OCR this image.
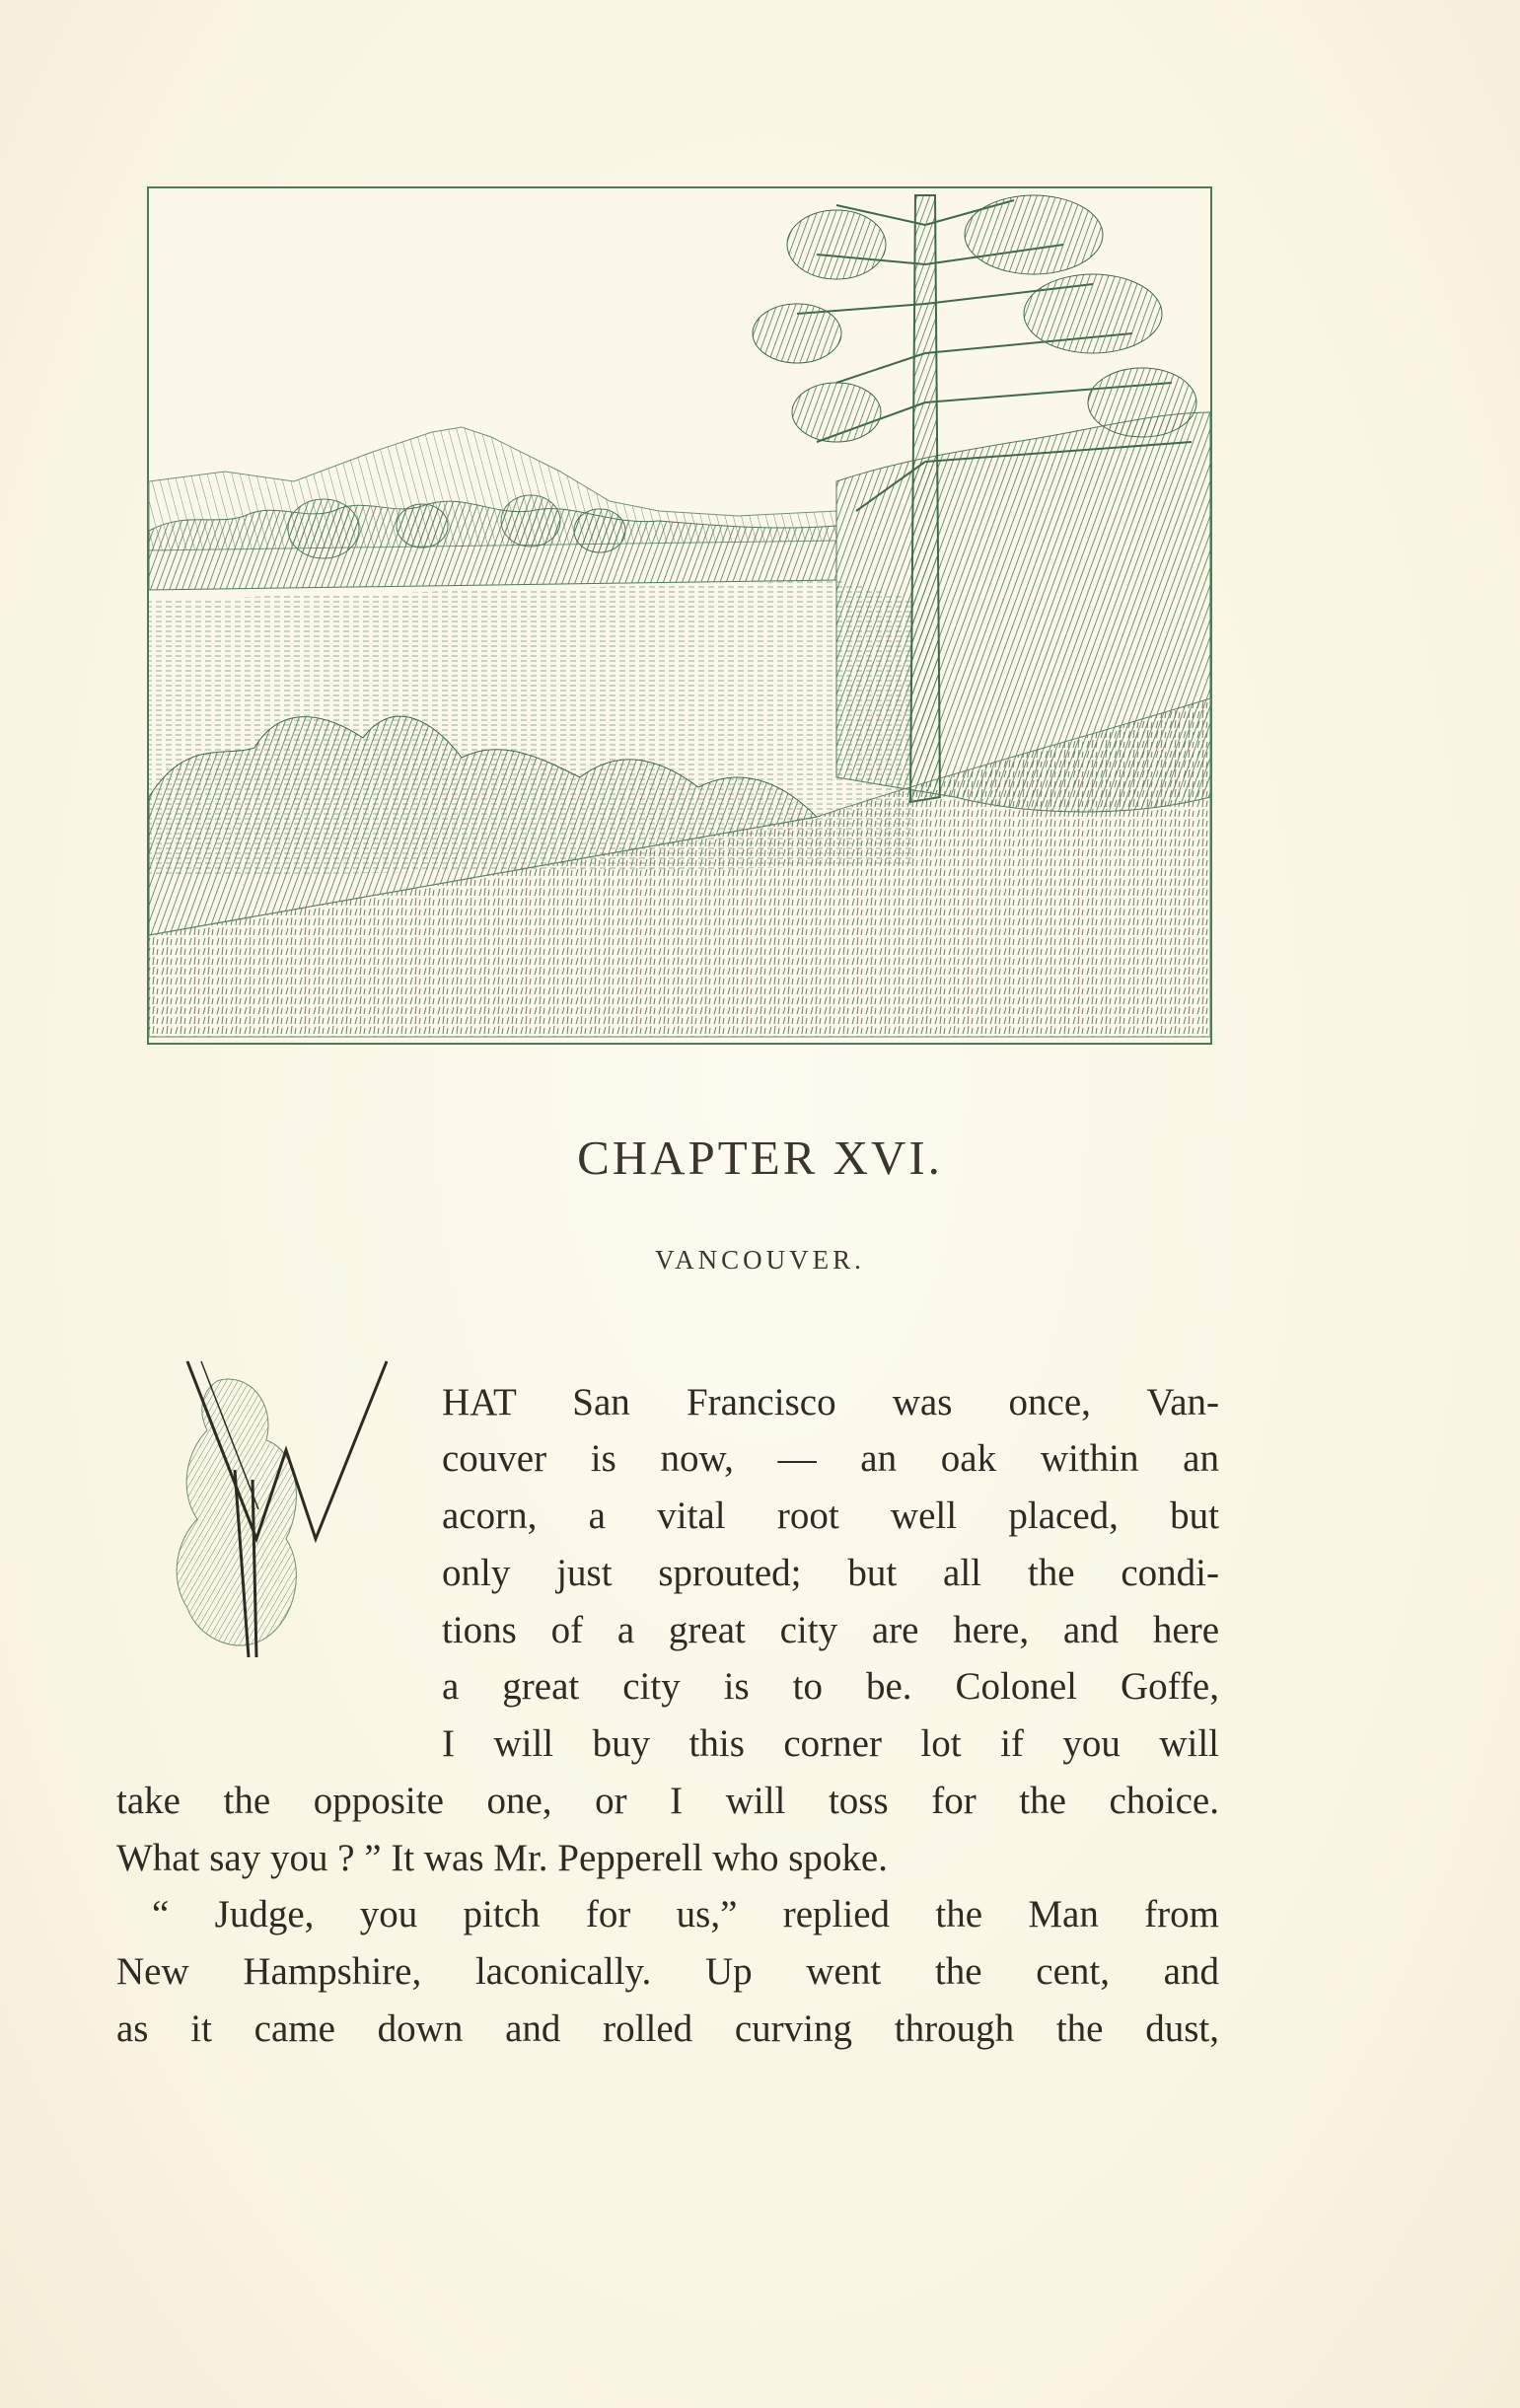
CHAPTER XVI.
VANCOUVER.
HAT San Francisco was once, Van-
couver is now, — an oak within an
acorn, a vital root well placed, but
only just sprouted; but all the condi-
tions of a great city are here, and here
a great city is to be. Colonel Goffe,
I will buy this corner lot if you will
take the opposite one, or I will toss for the choice.
What say you ? ” It was Mr. Pepperell who spoke.
“ Judge, you pitch for us,” replied the Man from
New Hampshire, laconically. Up went the cent, and
as it came down and rolled curving through the dust,
